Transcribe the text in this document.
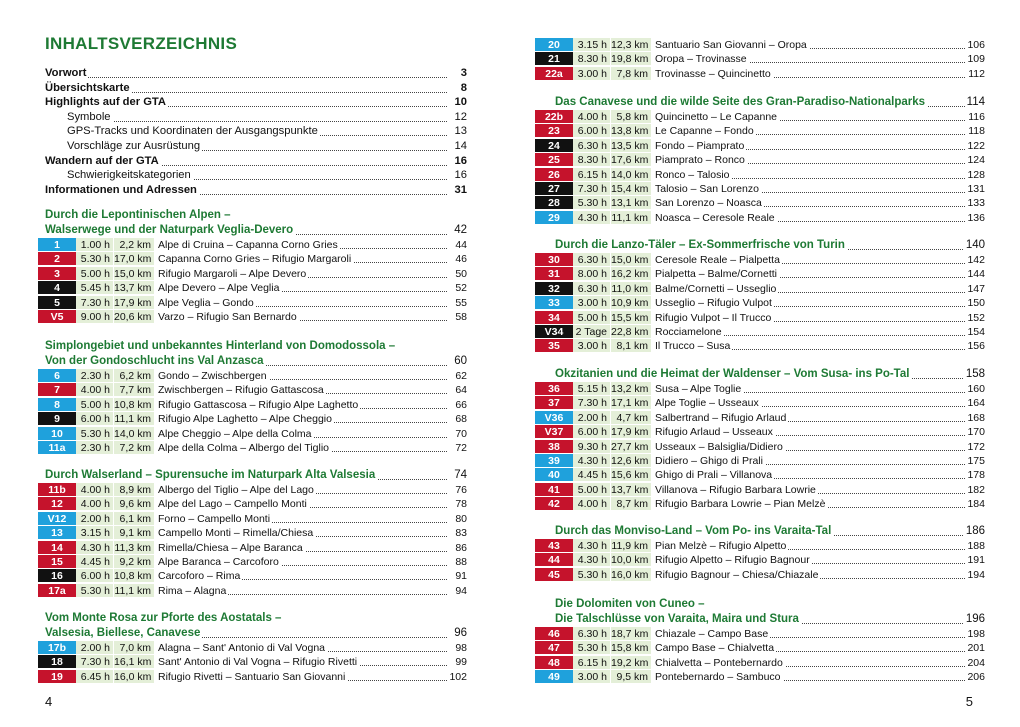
INHALTSVERZEICHNIS
4
Vorwort	3
Übersichtskarte	8
Highlights auf der GTA	10
Symbole	12
GPS-Tracks und Koordinaten der Ausgangspunkte	13
Vorschläge zur Ausrüstung	14
Wandern auf der GTA	16
Schwierigkeitskategorien	16
Informationen und Adressen	31
Durch die Lepontinischen Alpen –
Walserwege und der Naturpark Veglia-Devero	42
1	1.00 h 2,2 km Alpe di Cruina – Capanna Corno Gries	44
2	5.30 h 17,0 km Capanna Corno Gries – Rifugio Margaroli	46
3	5.00 h 15,0 km Rifugio Margaroli – Alpe Devero	50
4	5.45 h 13,7 km Alpe Devero – Alpe Veglia	52
5	7.30 h 17,9 km Alpe Veglia – Gondo	55
V5	9.00 h 20,6 km Varzo – Rifugio San Bernardo	58
Simplongebiet und unbekanntes Hinterland von Domodossola –
Von der Gondoschlucht ins Val Anzasca	60
6	2.30 h 6,2 km Gondo – Zwischbergen	62
7	4.00 h 7,7 km Zwischbergen – Rifugio Gattascosa	64
8	5.00 h 10,8 km Rifugio Gattascosa – Rifugio Alpe Laghetto	66
9	6.00 h 11,1 km Rifugio Alpe Laghetto – Alpe Cheggio	68
10	5.30 h 14,0 km Alpe Cheggio – Alpe della Colma	70
11a	2.30 h 7,2 km Alpe della Colma – Albergo del Tiglio	72
Durch Walserland – Spurensuche im Naturpark Alta Valsesia	74
11b	4.00 h 8,9 km Albergo del Tiglio – Alpe del Lago	76
12	4.00 h 9,6 km Alpe del Lago – Campello Monti	78
V12	2.00 h 6,1 km Forno – Campello Monti	80
13	3.15 h 9,1 km Campello Monti – Rimella/Chiesa	83
14	4.30 h 11,3 km Rimella/Chiesa – Alpe Baranca	86
15	4.45 h 9,2 km Alpe Baranca – Carcoforo	88
16	6.00 h 10,8 km Carcoforo – Rima	91
17a	5.30 h 11,1 km Rima – Alagna	94
Vom Monte Rosa zur Pforte des Aostatals –
Valsesia, Biellese, Canavese	96
17b	2.00 h 7,0 km Alagna – Sant' Antonio di Val Vogna	98
18	7.30 h 16,1 km Sant' Antonio di Val Vogna – Rifugio Rivetti	99
19	6.45 h 16,0 km Rifugio Rivetti – Santuario San Giovanni	102
5
20	3.15 h 12,3 km Santuario San Giovanni – Oropa	106
21	8.30 h 19,8 km Oropa – Trovinasse	109
22a	3.00 h 7,8 km Trovinasse – Quincinetto	112
Das Canavese und die wilde Seite des Gran-Paradiso-Nationalparks	114
22b	4.00 h 5,8 km Quincinetto – Le Capanne	116
23	6.00 h 13,8 km Le Capanne – Fondo	118
24	6.30 h 13,5 km Fondo – Piamprato	122
25	8.30 h 17,6 km Piamprato – Ronco	124
26	6.15 h 14,0 km Ronco – Talosio	128
27	7.30 h 15,4 km Talosio – San Lorenzo	131
28	5.30 h 13,1 km San Lorenzo – Noasca	133
29	4.30 h 11,1 km Noasca – Ceresole Reale	136
Durch die Lanzo-Täler – Ex-Sommerfrische von Turin	140
30	6.30 h 15,0 km Ceresole Reale – Pialpetta	142
31	8.00 h 16,2 km Pialpetta – Balme/Cornetti	144
32	6.30 h 11,0 km Balme/Cornetti – Usseglio	147
33	3.00 h 10,9 km Usseglio – Rifugio Vulpot	150
34	5.00 h 15,5 km Rifugio Vulpot – Il Trucco	152
V34	2 Tage 22,8 km Rocciamelone	154
35	3.00 h 8,1 km Il Trucco – Susa	156
Okzitanien und die Heimat der Waldenser – Vom Susa- ins Po-Tal	158
36	5.15 h 13,2 km Susa – Alpe Toglie	160
37	7.30 h 17,1 km Alpe Toglie – Usseaux	164
V36	2.00 h 4,7 km Salbertrand – Rifugio Arlaud	168
V37	6.00 h 17,9 km Rifugio Arlaud – Usseaux	170
38	9.30 h 27,7 km Usseaux – Balsiglia/Didiero	172
39	4.30 h 12,6 km Didiero – Ghigo di Prali	175
40	4.45 h 15,6 km Ghigo di Prali – Villanova	178
41	5.00 h 13,7 km Villanova – Rifugio Barbara Lowrie	182
42	4.00 h 8,7 km Rifugio Barbara Lowrie – Pian Melzè	184
Durch das Monviso-Land – Vom Po- ins Varaita-Tal	186
43	4.30 h 11,9 km Pian Melzè – Rifugio Alpetto	188
44	4.30 h 10,0 km Rifugio Alpetto – Rifugio Bagnour	191
45	5.30 h 16,0 km Rifugio Bagnour – Chiesa/Chiazale	194
Die Dolomiten von Cuneo –
Die Talschlüsse von Varaita, Maira und Stura	196
46	6.30 h 18,7 km Chiazale – Campo Base	198
47	5.30 h 15,8 km Campo Base – Chialvetta	201
48	6.15 h 19,2 km Chialvetta – Pontebernardo	204
49	3.00 h 9,5 km Pontebernardo – Sambuco	206
